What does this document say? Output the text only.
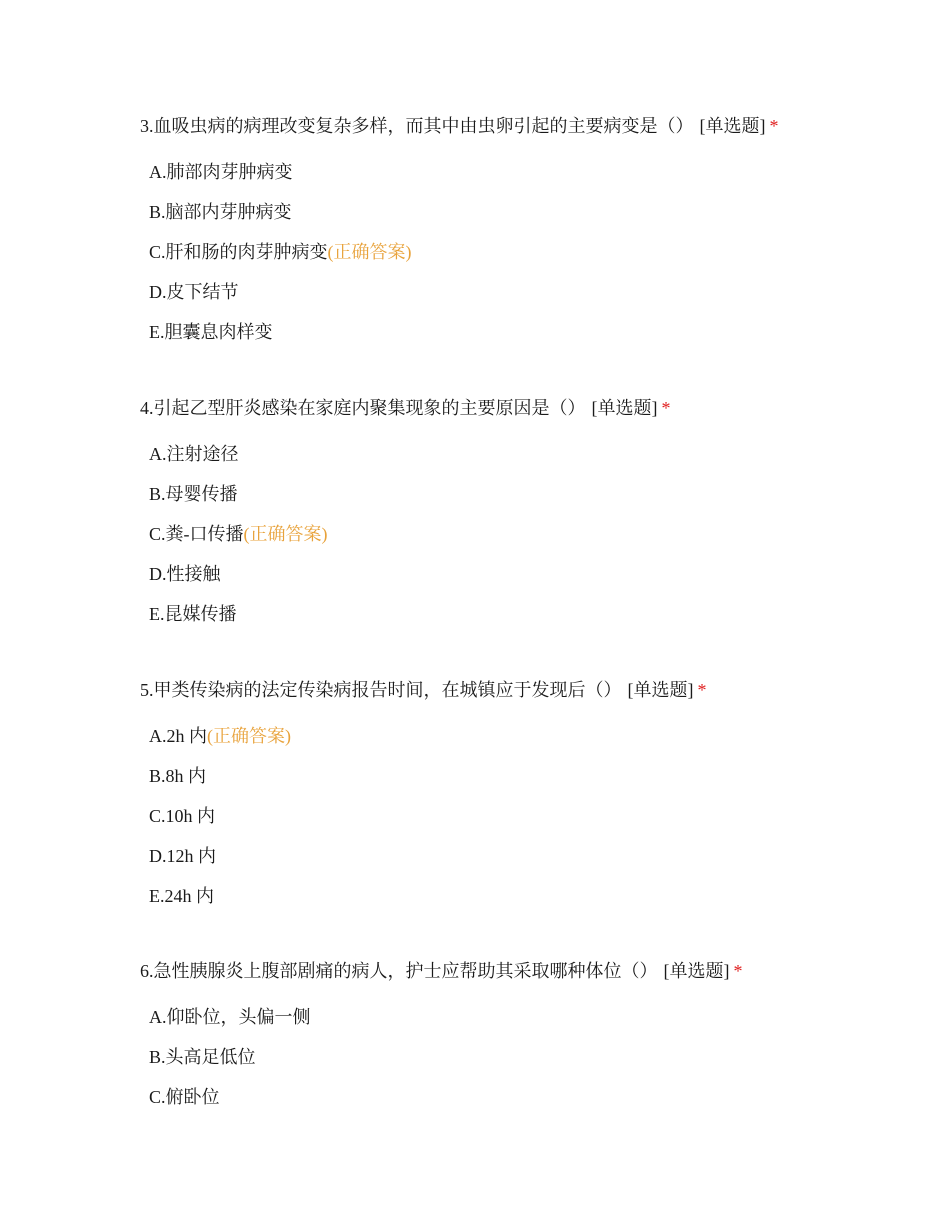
3.血吸虫病的病理改变复杂多样，而其中由虫卵引起的主要病变是（） [单选题] *
A.肺部肉芽肿病变
B.脑部内芽肿病变
C.肝和肠的肉芽肿病变(正确答案)
D.皮下结节
E.胆囊息肉样变
4.引起乙型肝炎感染在家庭内聚集现象的主要原因是（） [单选题] *
A.注射途径
B.母婴传播
C.粪-口传播(正确答案)
D.性接触
E.昆媒传播
5.甲类传染病的法定传染病报告时间，在城镇应于发现后（） [单选题] *
A.2h 内(正确答案)
B.8h 内
C.10h 内
D.12h 内
E.24h 内
6.急性胰腺炎上腹部剧痛的病人，护士应帮助其采取哪种体位（） [单选题] *
A.仰卧位，头偏一侧
B.头高足低位
C.俯卧位
